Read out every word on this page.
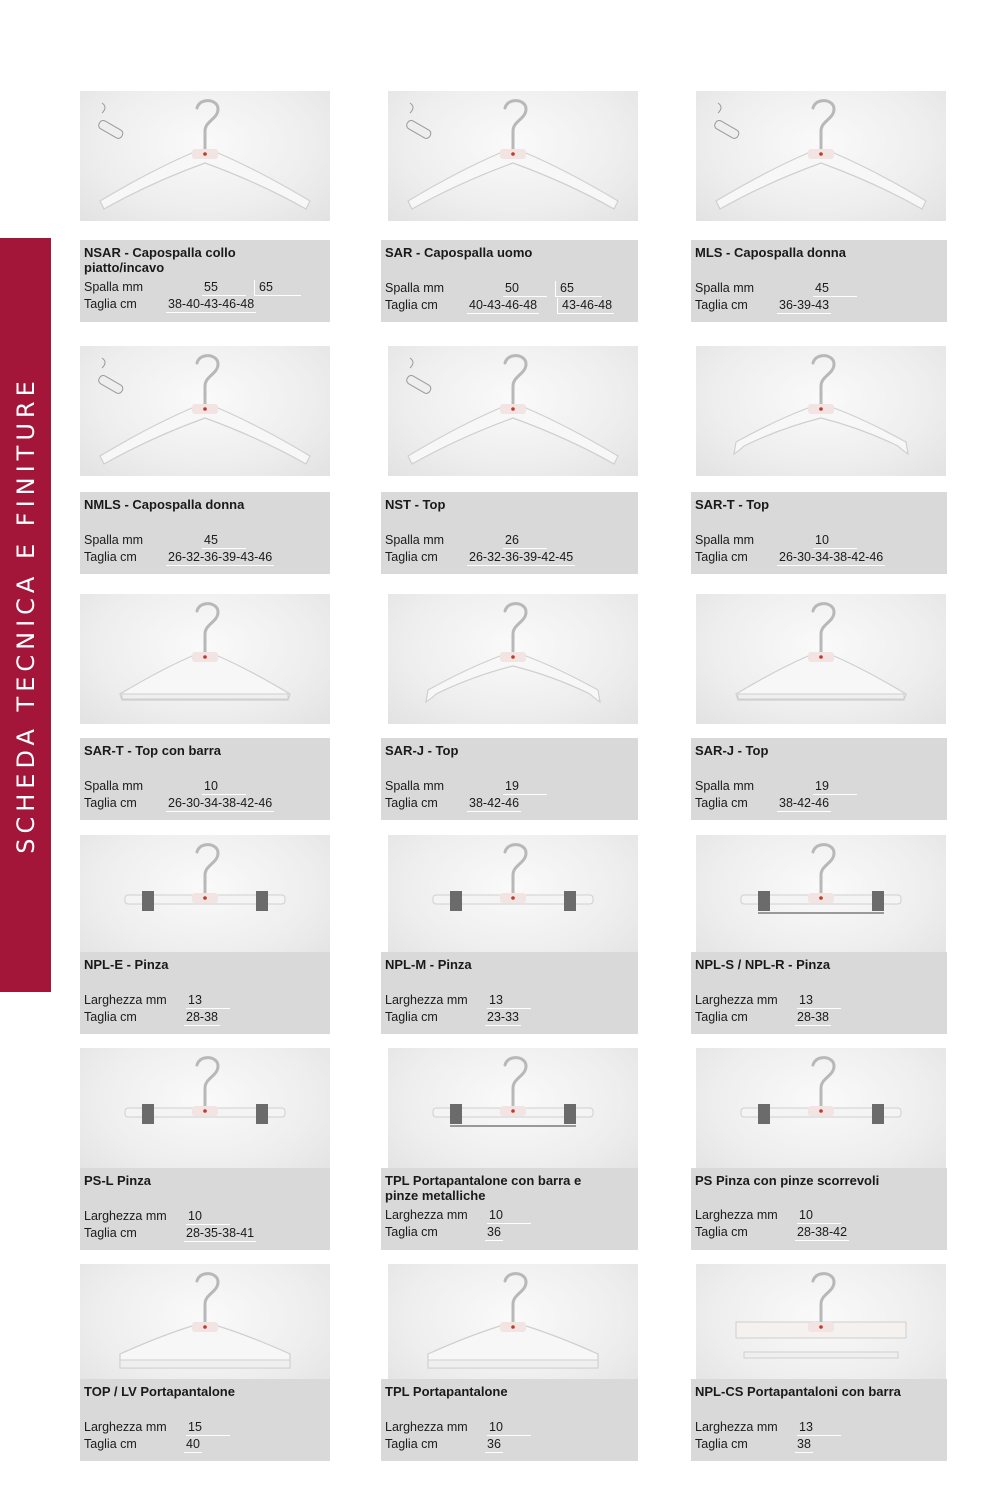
SCHEDA TECNICA E FINITURE
NSAR - Capospalla collo piatto/incavo
Spalla mm	55	65
Taglia cm 38-40-43-46-48
SAR - Capospalla uomo
Spalla mm	50	65
Taglia cm 40-43-46-48	43-46-48
MLS - Capospalla donna
Spalla mm	45
Taglia cm 36-39-43
NMLS - Capospalla donna
Spalla mm	45
Taglia cm 26-32-36-39-43-46
NST - Top
Spalla mm	26
Taglia cm 26-32-36-39-42-45
SAR-T - Top
Spalla mm	10
Taglia cm 26-30-34-38-42-46
SAR-T - Top con barra
Spalla mm	10
Taglia cm 26-30-34-38-42-46
SAR-J - Top
Spalla mm	19
Taglia cm 38-42-46
SAR-J - Top
Spalla mm	19
Taglia cm 38-42-46
NPL-E - Pinza
Larghezza mm 13
Taglia cm	28-38
NPL-M - Pinza
Larghezza mm 13
Taglia cm	23-33
NPL-S / NPL-R - Pinza
Larghezza mm 13
Taglia cm	28-38
PS-L Pinza
Larghezza mm 10
Taglia cm	28-35-38-41
TPL Portapantalone con barra e pinze metalliche
Larghezza mm 10
Taglia cm	36
PS Pinza con pinze scorrevoli
Larghezza mm 10
Taglia cm	28-38-42
TOP / LV Portapantalone
Larghezza mm 15
Taglia cm	40
TPL Portapantalone
Larghezza mm 10
Taglia cm	36
NPL-CS Portapantaloni con barra
Larghezza mm 13
Taglia cm	38
